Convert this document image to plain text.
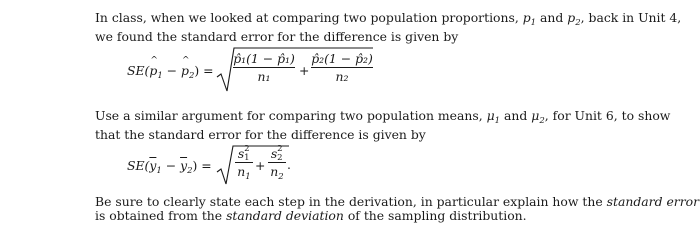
In class, when we looked at comparing two population proportions, $p_1$ and $p_2$, back in Unit 4,
we found the standard error for the difference is given by
SE(^ $p_1$ − ^ $p_2$) =
p̂₁(1 − p̂₁)
n₁	+
p̂₂(1 − p̂₂)
n₂
Use a similar argument for comparing two population means, $\mu_1$ and $\mu_2$, for Unit 6, to show
that the standard error for the difference is given by
$SE(\overline{y}_1 - \overline{y}_2)$ =
s 2
1
$n_1$
+
s 2
2
$n_2$
.
Be sure to clearly state each step in the derivation, in particular explain how the standard error
is obtained from the standard deviation of the sampling distribution.
